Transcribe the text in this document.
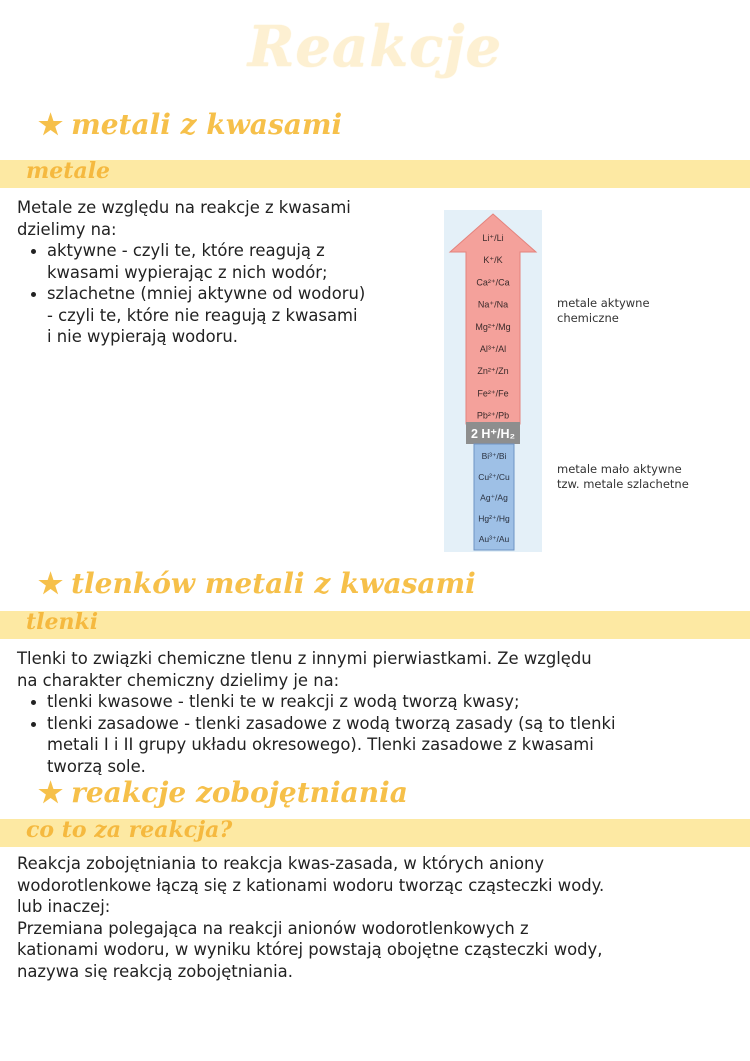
Reakcje
★ metali z kwasami
metale
Metale ze względu na reakcje z kwasami
dzielimy na:
aktywne - czyli te, które reagują z
kwasami wypierając z nich wodór;
szlachetne (mniej aktywne od wodoru)
- czyli te, które nie reagują z kwasami
i nie wypierają wodoru.
Li⁺/Li
K⁺/K
Ca²⁺/Ca
Na⁺/Na
Mg²⁺/Mg
Al³⁺/Al
Zn²⁺/Zn
Fe²⁺/Fe
Pb²⁺/Pb
2 H⁺/H₂
Bi³⁺/Bi
Cu²⁺/Cu
Ag⁺/Ag
Hg²⁺/Hg
Au³⁺/Au
metale aktywne
chemiczne
metale mało aktywne
tzw. metale szlachetne
★ tlenków metali z kwasami
tlenki
Tlenki to związki chemiczne tlenu z innymi pierwiastkami. Ze względu
na charakter chemiczny dzielimy je na:
tlenki kwasowe - tlenki te w reakcji z wodą tworzą kwasy;
tlenki zasadowe - tlenki zasadowe z wodą tworzą zasady (są to tlenki
metali I i II grupy układu okresowego). Tlenki zasadowe z kwasami
tworzą sole.
★ reakcje zobojętniania
co to za reakcja?
Reakcja zobojętniania to reakcja kwas-zasada, w których aniony
wodorotlenkowe łączą się z kationami wodoru tworząc cząsteczki wody.
lub inaczej:
Przemiana polegająca na reakcji anionów wodorotlenkowych z
kationami wodoru, w wyniku której powstają obojętne cząsteczki wody,
nazywa się reakcją zobojętniania.
